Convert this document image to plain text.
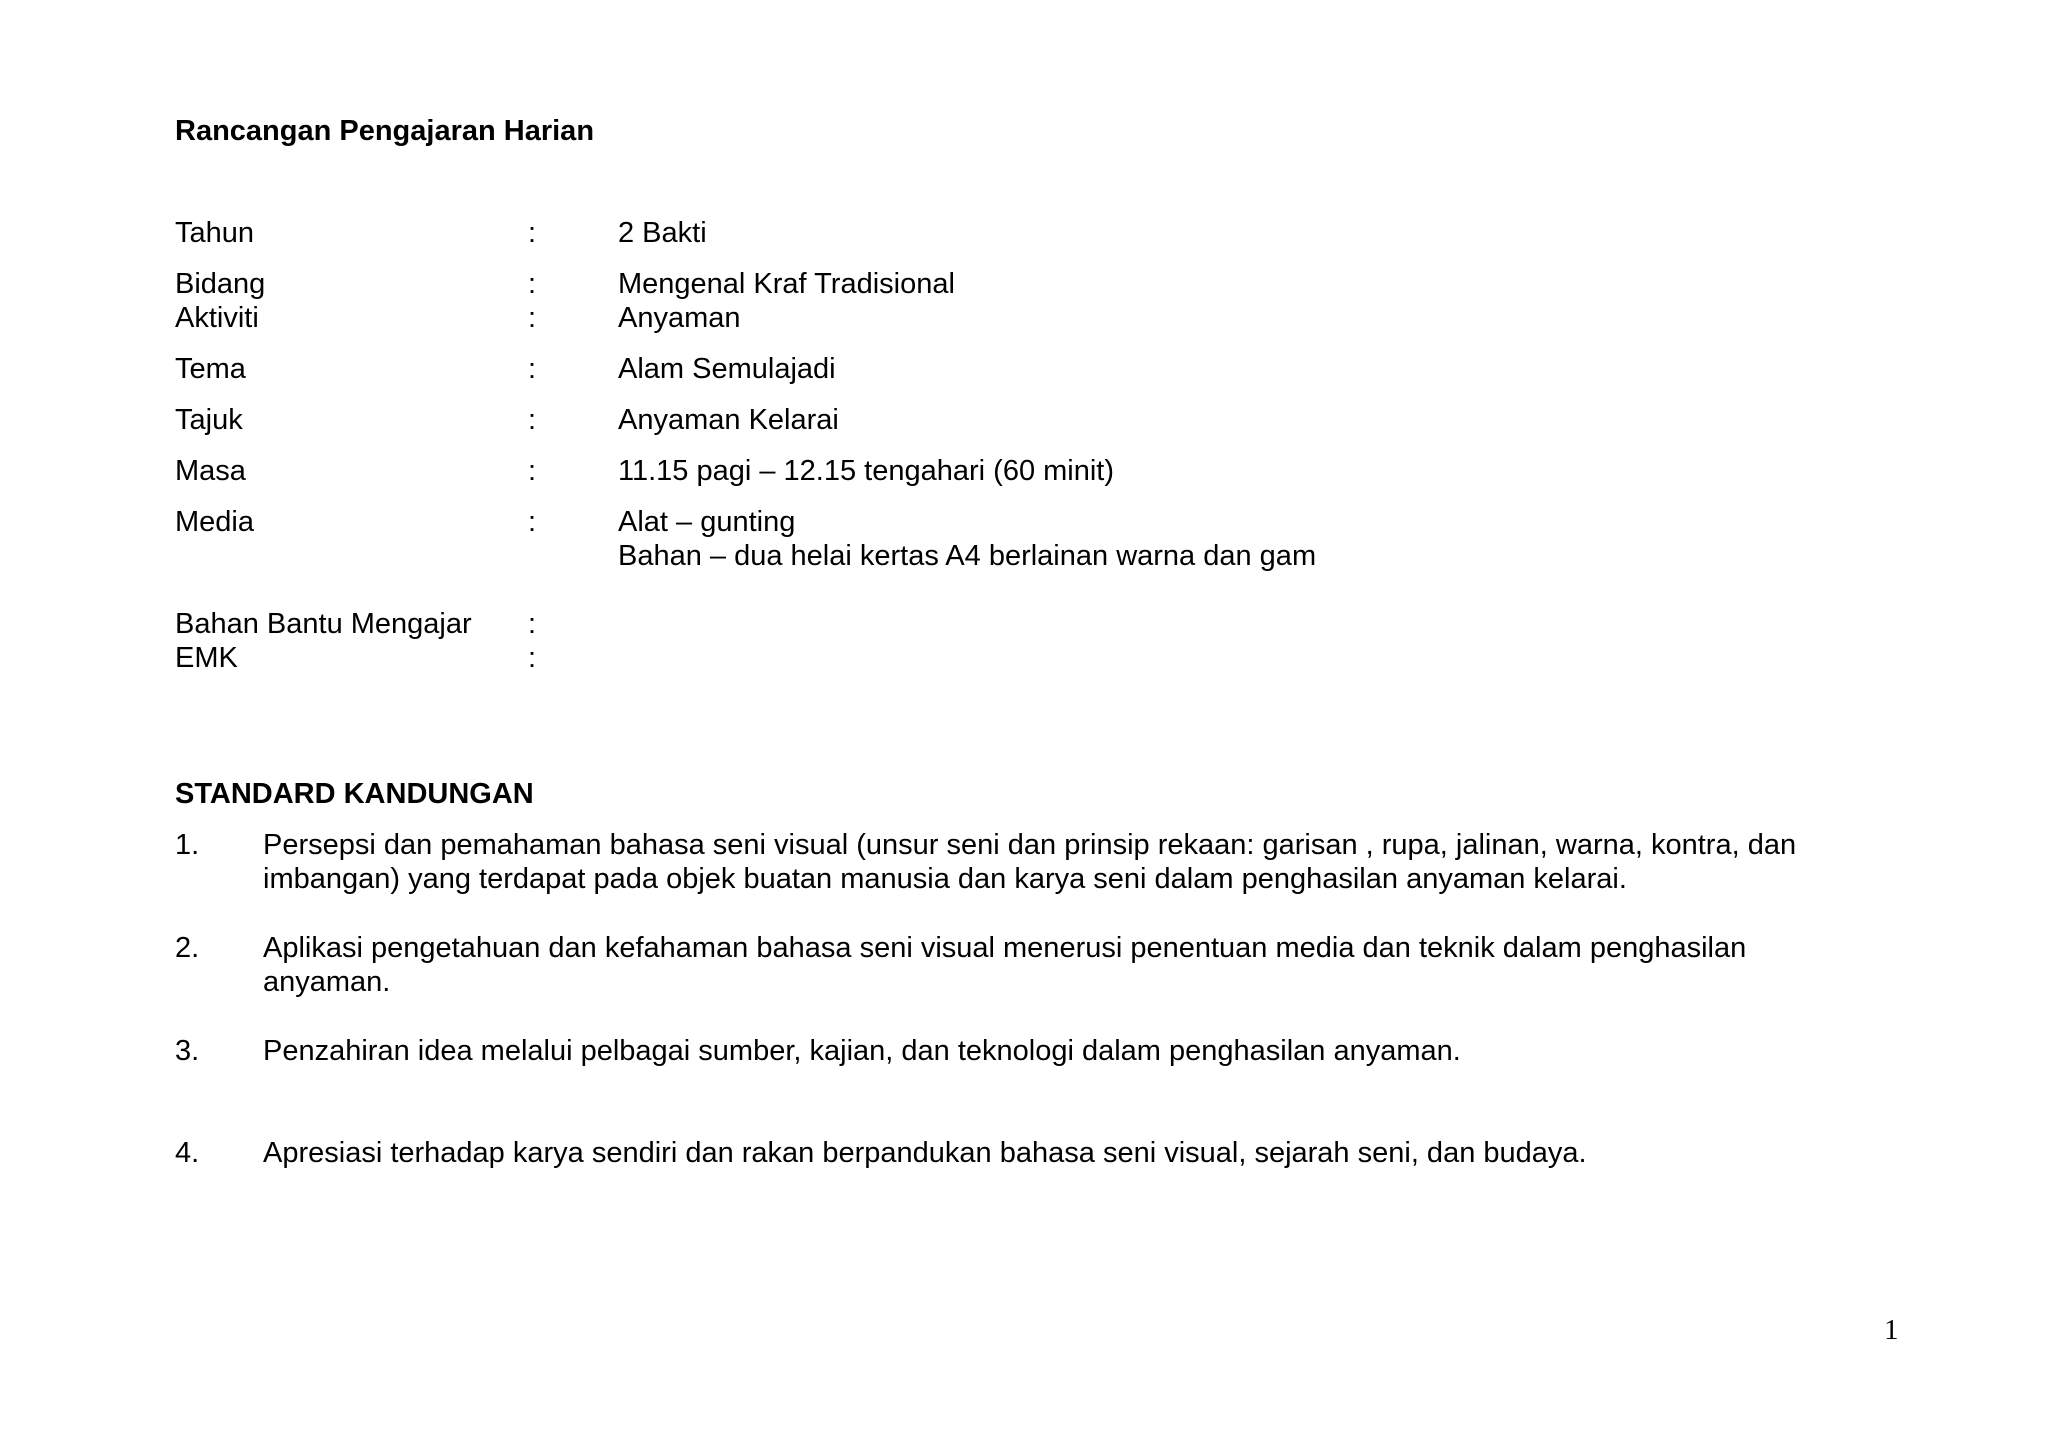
Rancangan Pengajaran Harian
Tahun	:	2 Bakti
Bidang	:	Mengenal Kraf Tradisional
Aktiviti	:	Anyaman
Tema	:	Alam Semulajadi
Tajuk	:	Anyaman Kelarai
Masa	:	11.15 pagi – 12.15 tengahari (60 minit)
Media	:	Alat – gunting
Bahan – dua helai kertas A4 berlainan warna dan gam
Bahan Bantu Mengajar :
EMK	:
STANDARD KANDUNGAN
1. Persepsi dan pemahaman bahasa seni visual (unsur seni dan prinsip rekaan: garisan , rupa, jalinan, warna, kontra, dan imbangan) yang terdapat pada objek buatan manusia dan karya seni dalam penghasilan anyaman kelarai.
2. Aplikasi pengetahuan dan kefahaman bahasa seni visual menerusi penentuan media dan teknik dalam penghasilan anyaman.
3. Penzahiran idea melalui pelbagai sumber, kajian, dan teknologi dalam penghasilan anyaman.
4. Apresiasi terhadap karya sendiri dan rakan berpandukan bahasa seni visual, sejarah seni, dan budaya.
1
